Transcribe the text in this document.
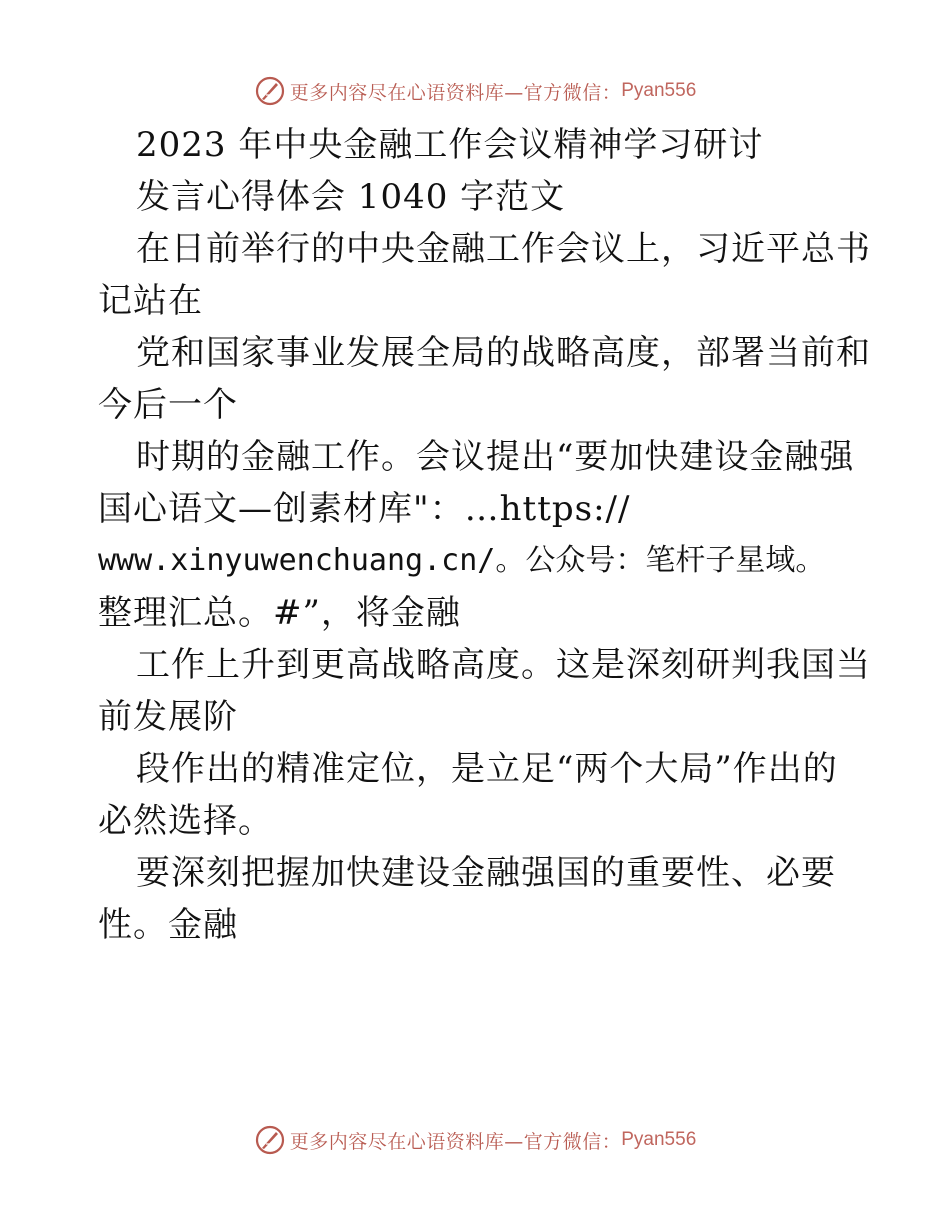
更多内容尽在心语资料库—官方微信： Pyan556
2023 年中央金融工作会议精神学习研讨
发言心得体会 1040 字范文
在日前举行的中央金融工作会议上，习近平总书
记站在
党和国家事业发展全局的战略高度，部署当前和
今后一个
时期的金融工作。会议提出“要加快建设金融强
国心语文—创素材库"：…https://
www.xinyuwenchuang.cn/。公众号：笔杆子星域。
整理汇总。#”，将金融
工作上升到更高战略高度。这是深刻研判我国当
前发展阶
段作出的精准定位，是立足“两个大局”作出的
必然选择。
要深刻把握加快建设金融强国的重要性、必要
性。金融
更多内容尽在心语资料库—官方微信： Pyan556
